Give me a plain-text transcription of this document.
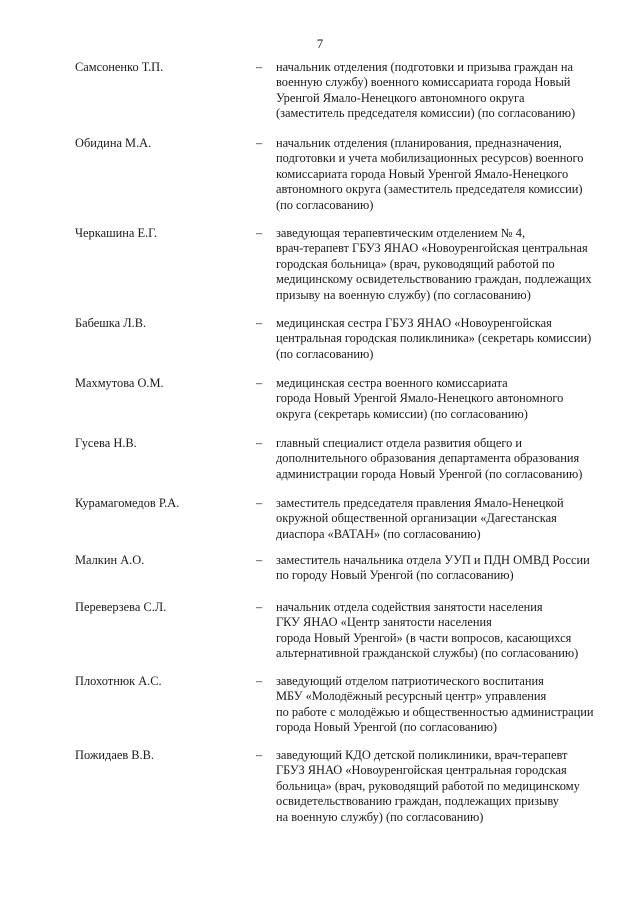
7
Самсоненко Т.П.	– начальник отделения (подготовки и призыва граждан на
военную службу) военного комиссариата города Новый
Уренгой Ямало-Ненецкого автономного округа
(заместитель председателя комиссии) (по согласованию)
Обидина М.А.	– начальник отделения (планирования, предназначения,
подготовки и учета мобилизационных ресурсов) военного
комиссариата города Новый Уренгой Ямало-Ненецкого
автономного округа (заместитель председателя комиссии)
(по согласованию)
Черкашина Е.Г.	– заведующая терапевтическим отделением № 4,
врач-терапевт ГБУЗ ЯНАО «Новоуренгойская центральная
городская больница» (врач, руководящий работой по
медицинскому освидетельствованию граждан, подлежащих
призыву на военную службу) (по согласованию)
Бабешка Л.В.	– медицинская сестра ГБУЗ ЯНАО «Новоуренгойская
центральная городская поликлиника» (секретарь комиссии)
(по согласованию)
Махмутова О.М.	– медицинская сестра военного комиссариата
города Новый Уренгой Ямало-Ненецкого автономного
округа (секретарь комиссии) (по согласованию)
Гусева Н.В.	– главный специалист отдела развития общего и
дополнительного образования департамента образования
администрации города Новый Уренгой (по согласованию)
Курамагомедов Р.А.	– заместитель председателя правления Ямало-Ненецкой
окружной общественной организации «Дагестанская
диаспора «ВАТАН» (по согласованию)
Малкин А.О.	– заместитель начальника отдела УУП и ПДН ОМВД России
по городу Новый Уренгой (по согласованию)
Переверзева С.Л.	– начальник отдела содействия занятости населения
ГКУ ЯНАО «Центр занятости населения
города Новый Уренгой» (в части вопросов, касающихся
альтернативной гражданской службы) (по согласованию)
Плохотнюк А.С.	– заведующий отделом патриотического воспитания
МБУ «Молодёжный ресурсный центр» управления
по работе с молодёжью и общественностью администрации
города Новый Уренгой (по согласованию)
Пожидаев В.В.	– заведующий КДО детской поликлиники, врач-терапевт
ГБУЗ ЯНАО «Новоуренгойская центральная городская
больница» (врач, руководящий работой по медицинскому
освидетельствованию граждан, подлежащих призыву
на военную службу) (по согласованию)
